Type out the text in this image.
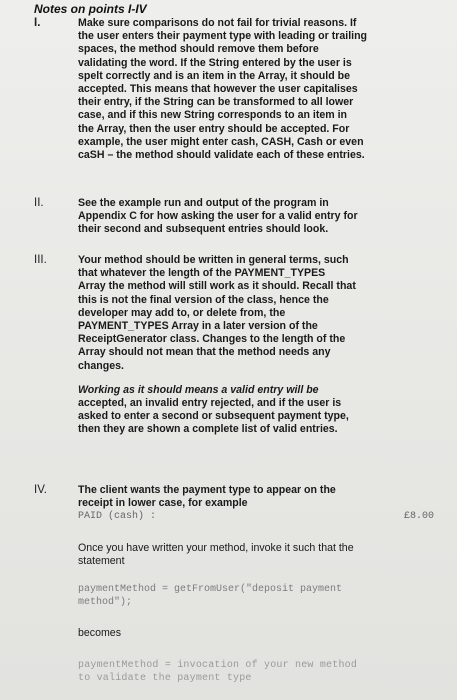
Notes on points I-IV
I.	Make sure comparisons do not fail for trivial reasons. If

the user enters their payment type with leading or trailing

spaces, the method should remove them before

validating the word. If the String entered by the user is

spelt correctly and is an item in the Array, it should be

accepted. This means that however the user capitalises

their entry, if the String can be transformed to all lower

case, and if this new String corresponds to an item in

the Array, then the user entry should be accepted. For

example, the user might enter cash, CASH, Cash or even

caSH – the method should validate each of these entries.

II.	See the example run and output of the program in

Appendix C for how asking the user for a valid entry for

their second and subsequent entries should look.

III.	Your method should be written in general terms, such

that whatever the length of the PAYMENT_TYPES

Array the method will still work as it should. Recall that

this is not the final version of the class, hence the

developer may add to, or delete from, the

PAYMENT_TYPES Array in a later version of the

ReceiptGenerator class. Changes to the length of the

Array should not mean that the method needs any

changes.

Working as it should means a valid entry will be

accepted, an invalid entry rejected, and if the user is

asked to enter a second or subsequent payment type,

then they are shown a complete list of valid entries.

IV.	The client wants the payment type to appear on the

receipt in lower case, for example

PAID (cash) :	£8.00
Once you have written your method, invoke it such that the
statement
paymentMethod = getFromUser("deposit payment
method");
becomes
paymentMethod = invocation of your new method
to validate the payment type
